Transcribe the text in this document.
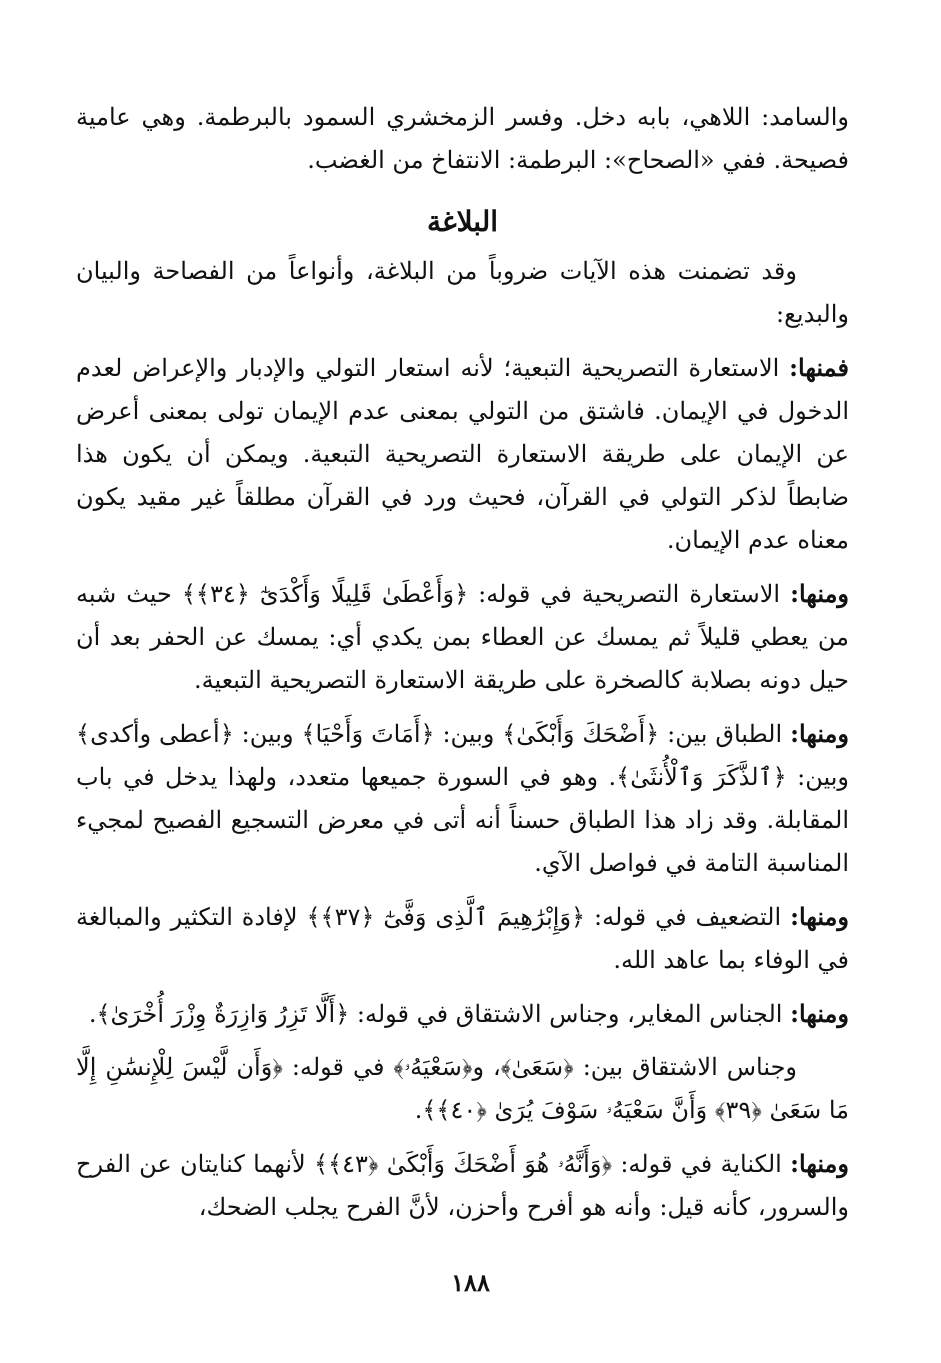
والسامد: اللاهي، بابه دخل. وفسر الزمخشري السمود بالبرطمة. وهي عامية فصيحة. ففي «الصحاح»: البرطمة: الانتفاخ من الغضب.

البلاغة

وقد تضمنت هذه الآيات ضروباً من البلاغة، وأنواعاً من الفصاحة والبيان والبديع:

فمنها: الاستعارة التصريحية التبعية؛ لأنه استعار التولي والإدبار والإعراض لعدم الدخول في الإيمان. فاشتق من التولي بمعنى عدم الإيمان تولى بمعنى أعرض عن الإيمان على طريقة الاستعارة التصريحية التبعية. ويمكن أن يكون هذا ضابطاً لذكر التولي في القرآن، فحيث ورد في القرآن مطلقاً غير مقيد يكون معناه عدم الإيمان.

ومنها: الاستعارة التصريحية في قوله: ﴿وَأَعْطَىٰ قَلِيلًا وَأَكْدَىٰٓ ﴿٣٤﴾﴾ حيث شبه من يعطي قليلاً ثم يمسك عن العطاء بمن يكدي أي: يمسك عن الحفر بعد أن حيل دونه بصلابة كالصخرة على طريقة الاستعارة التصريحية التبعية.

ومنها: الطباق بين: ﴿أَضْحَكَ وَأَبْكَىٰ﴾ وبين: ﴿أَمَاتَ وَأَحْيَا﴾ وبين: ﴿أعطى وأكدى﴾ وبين: ﴿ٱلذَّكَرَ وَٱلْأُنثَىٰ﴾. وهو في السورة جميعها متعدد، ولهذا يدخل في باب المقابلة. وقد زاد هذا الطباق حسناً أنه أتى في معرض التسجيع الفصيح لمجيء المناسبة التامة في فواصل الآي.

ومنها: التضعيف في قوله: ﴿وَإِبْرَٰهِيمَ ٱلَّذِى وَفَّىٰٓ ﴿٣٧﴾﴾ لإفادة التكثير والمبالغة في الوفاء بما عاهد الله.

ومنها: الجناس المغاير، وجناس الاشتقاق في قوله: ﴿أَلَّا تَزِرُ وَازِرَةٌ وِزْرَ أُخْرَىٰ﴾.

وجناس الاشتقاق بين: ﴿سَعَىٰ﴾، و﴿سَعْيَهُۥ﴾ في قوله: ﴿وَأَن لَّيْسَ لِلْإِنسَٰنِ إِلَّا مَا سَعَىٰ ﴿٣٩﴾ وَأَنَّ سَعْيَهُۥ سَوْفَ يُرَىٰ ﴿٤٠﴾﴾.

ومنها: الكناية في قوله: ﴿وَأَنَّهُۥ هُوَ أَضْحَكَ وَأَبْكَىٰ ﴿٤٣﴾﴾ لأنهما كنايتان عن الفرح والسرور، كأنه قيل: وأنه هو أفرح وأحزن، لأنَّ الفرح يجلب الضحك،

١٨٨
